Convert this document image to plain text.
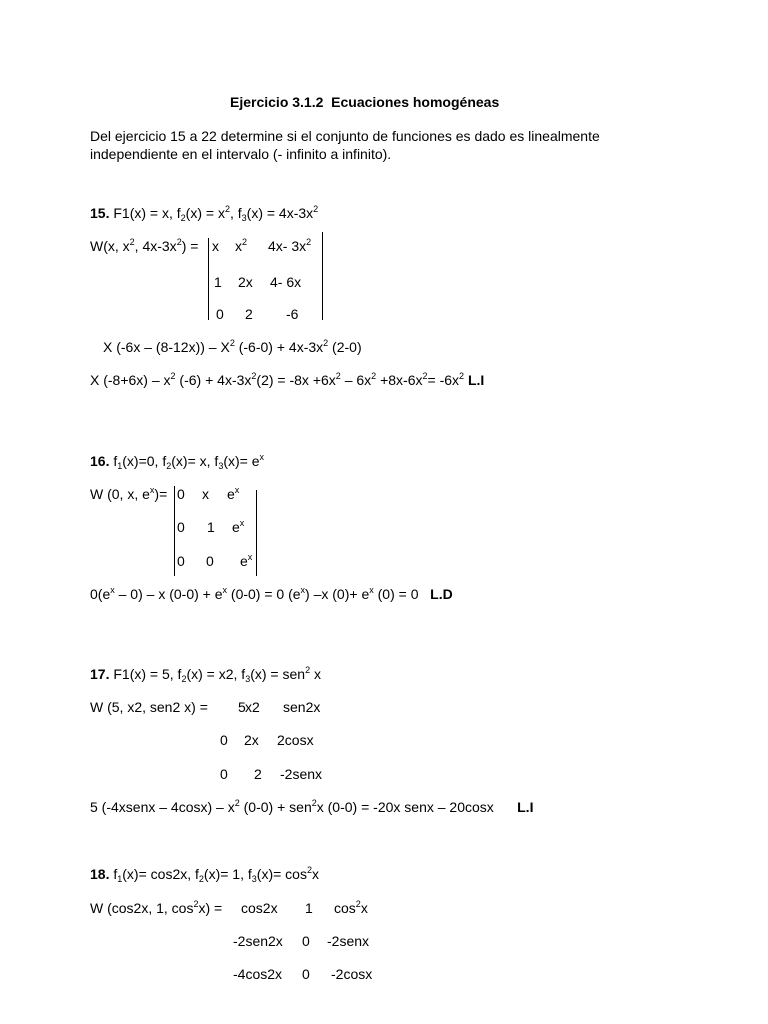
Ejercicio 3.1.2  Ecuaciones homogéneas
Del ejercicio 15 a 22 determine si el conjunto de funciones es dado es linealmente
independiente en el intervalo (- infinito a infinito).
15. F1(x) = x, $f_2(x) = x^2$, $f_3(x) = 4x-3x^2$
W(x, $x^2$, $4x-3x^2) = x$ $x^2$ 4x- $3x^2$
1 2x 4- 6x
0 2 -6
X $(-6x - (8-12x)) - X^2$ $(-6-0) + 4x-3x^2$ (2-0)
X $(-8+6x) - x^2$ $(-6) + 4x-3x^2(2) = -8x +6x^2 - 6x^2 +8x-6x^2= -6x^2$ L.I
16. $f_1(x)=0$, $f_2(x)= x$, $f_3(x)= e^x$
W (0, x, $e^x)= 0$ x $e^x$
0 1 $e^x$
0 0 $e^x$
$0(e^x - 0)$ – x $(0-0) + e^x$ (0-0) = 0 $(e^x)$ –x $(0)+ e^x$ (0) = 0 L.D
17. F1(x) = 5, $f_2(x) = x2$, $f_3(x) = sen^2$ x
W (5, x2, sen2 x) = 5 x2 sen2x
0 2x 2cosx
0 2 -2senx
5 (-4xsenx – $4\cos x) - x^2$ (0-0) + sen$^2$x (0-0) = -20x senx – 20cosx L.I
18. $f_1(x)= \cos 2x$, $f_2(x)= 1$, $f_3(x)= \cos^2x$
W (cos2x, 1, $\cos^2x) = \cos 2x$ 1 $\cos^2x$
-2sen2x 0 -2senx
-4cos2x 0 -2cosx
